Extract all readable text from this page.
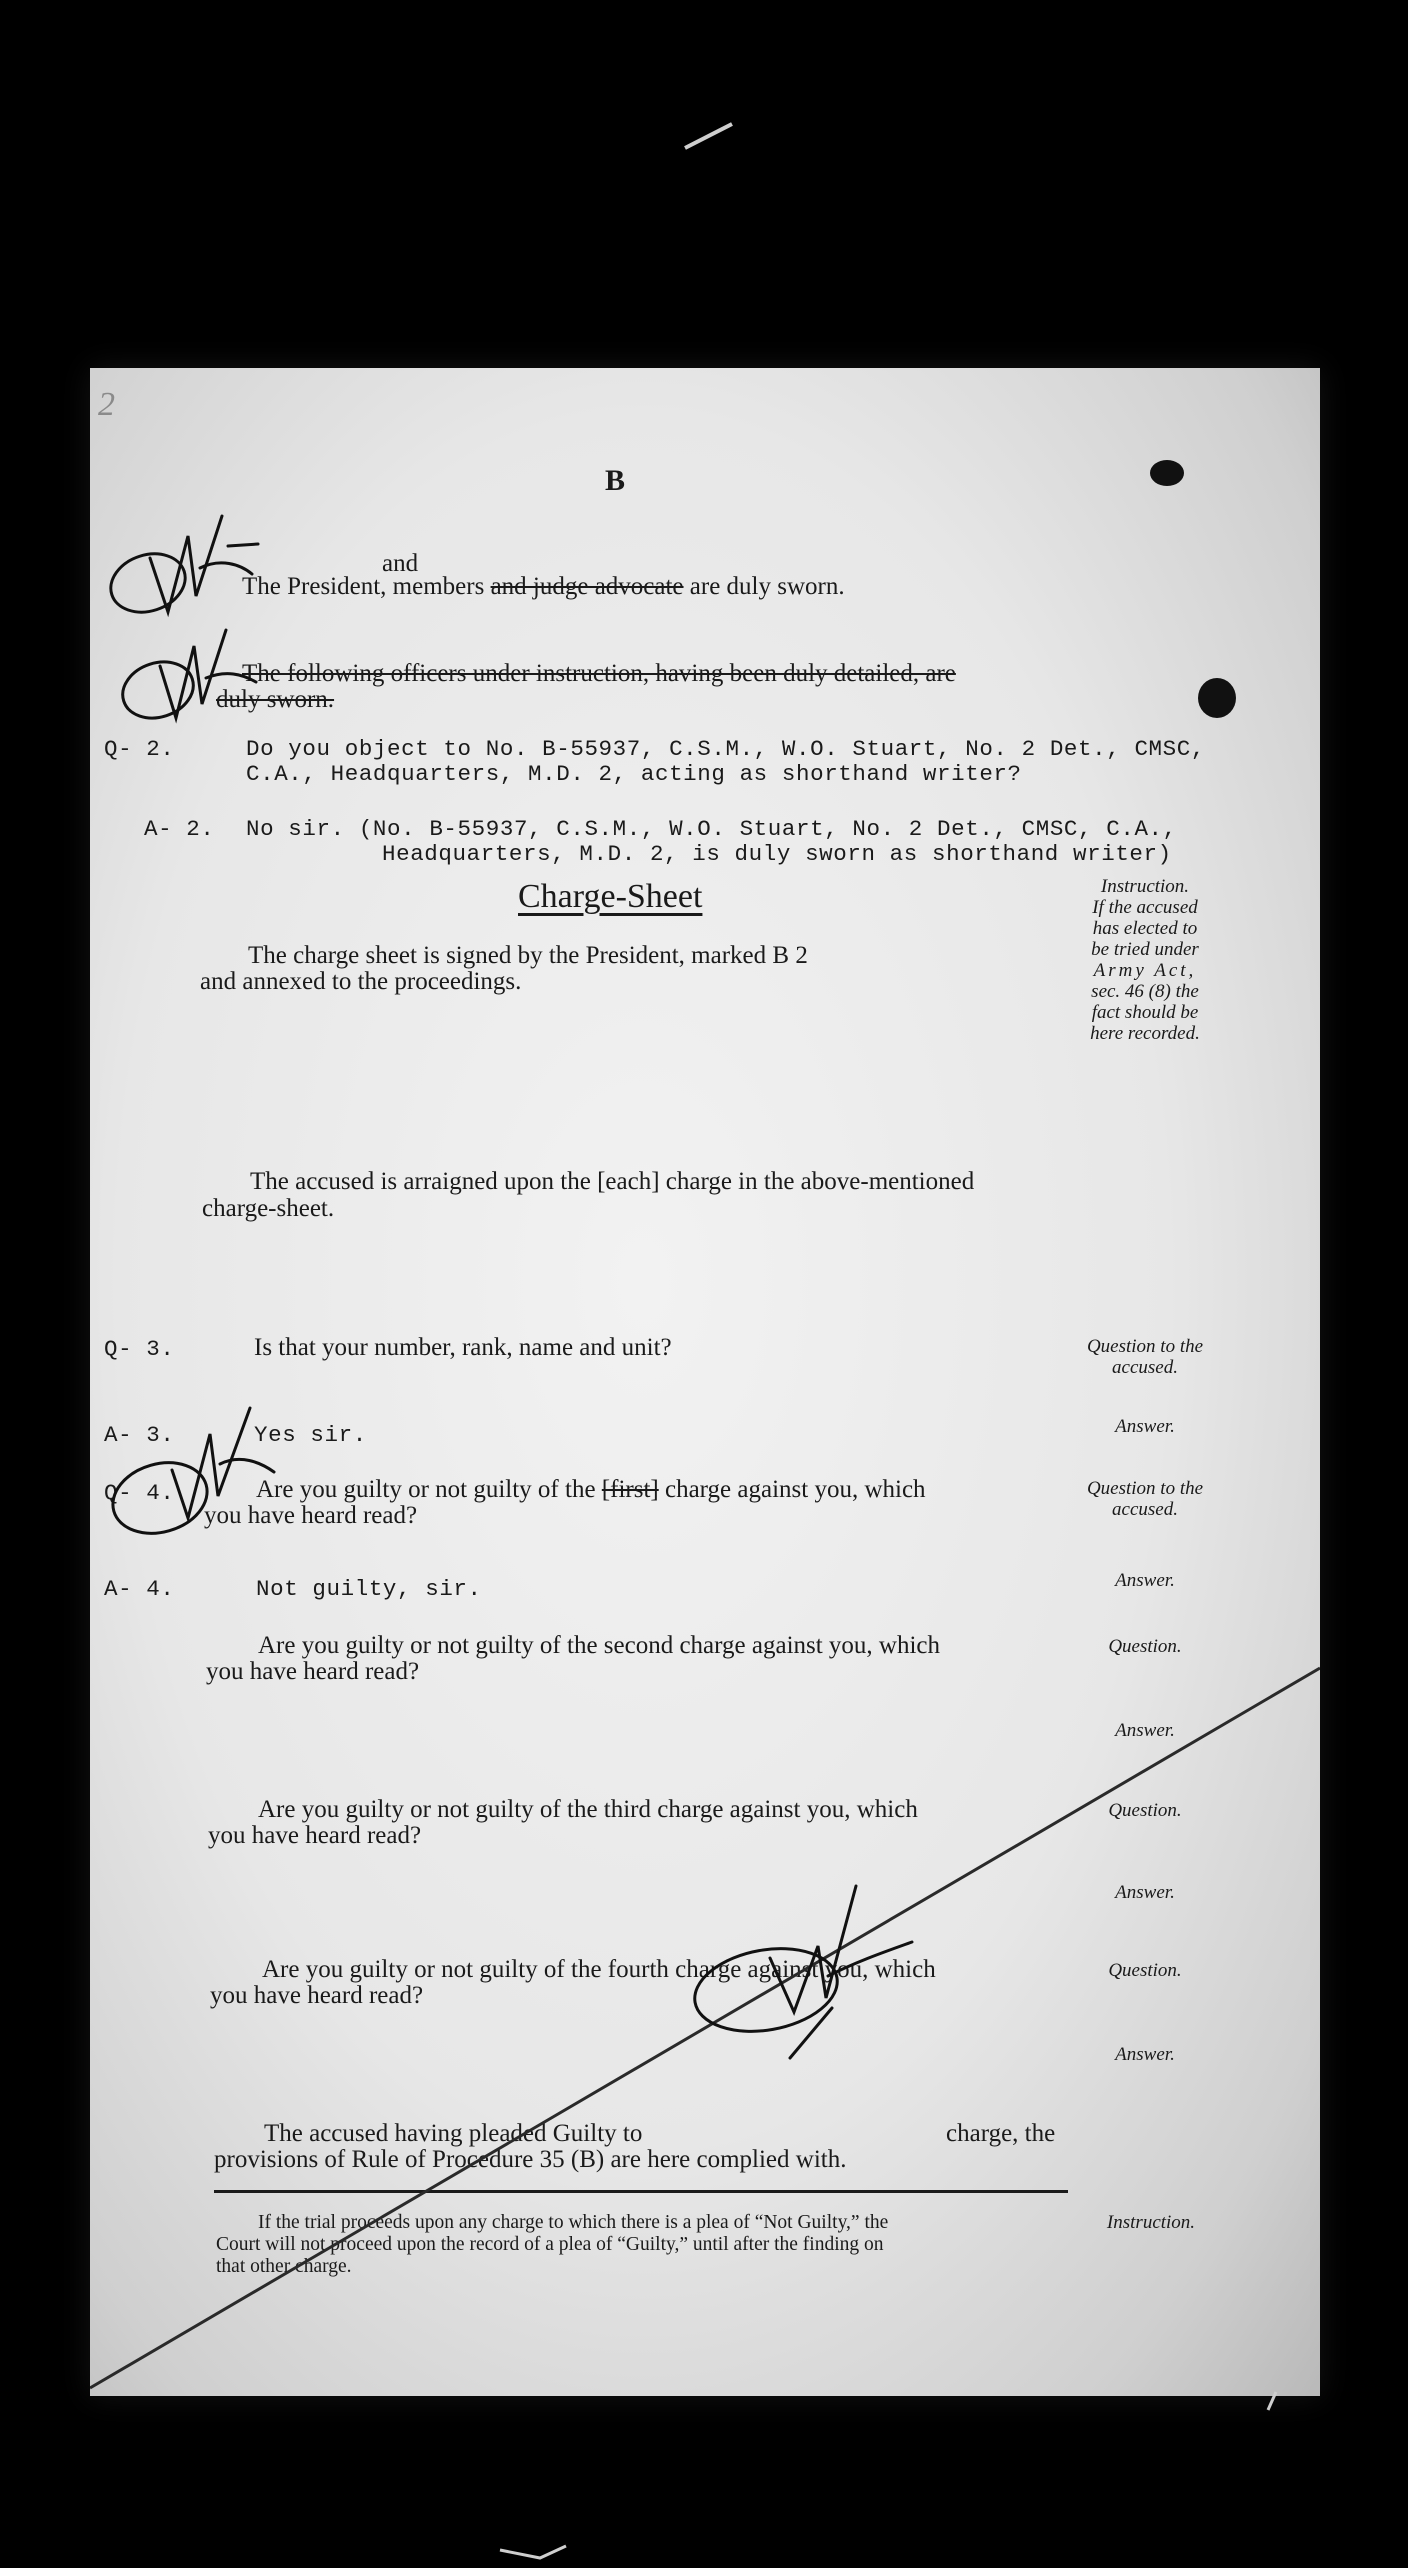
2
B
and
The President, members and judge advocate are duly sworn.
The following officers under instruction, having been duly detailed, are
duly sworn.
Q- 2.	Do you object to No. B-55937, C.S.M., W.O. Stuart, No. 2 Det., CMSC,
C.A., Headquarters, M.D. 2, acting as shorthand writer?
A- 2. No sir. (No. B-55937, C.S.M., W.O. Stuart, No. 2 Det., CMSC, C.A.,
Headquarters, M.D. 2, is duly sworn as shorthand writer)
Charge-Sheet
The charge sheet is signed by the President, marked B 2
and annexed to the proceedings.
Instruction.
If the accused
has elected to
be tried under
Army Act,
sec. 46 (8) the
fact should be
here recorded.
The accused is arraigned upon the [each] charge in the above-mentioned
charge-sheet.
Q- 3.	Is that your number, rank, name and unit?	Question to the
accused.
A- 3.	Yes sir.	Answer.
Q- 4.	Are you guilty or not guilty of the [first] charge against you, which
you have heard read?
Question to the
accused.
A- 4.	Not guilty, sir.	Answer.
Are you guilty or not guilty of the second charge against you, which
you have heard read?
Question.
Answer.
Are you guilty or not guilty of the third charge against you, which
you have heard read?
Question.
Answer.
Are you guilty or not guilty of the fourth charge against you, which
you have heard read?
Question.
Answer.
The accused having pleaded Guilty to	charge, the
provisions of Rule of Procedure 35 (B) are here complied with.
If the trial proceeds upon any charge to which there is a plea of “Not Guilty,” the
Court will not proceed upon the record of a plea of “Guilty,” until after the finding on
that other charge.
Instruction.
